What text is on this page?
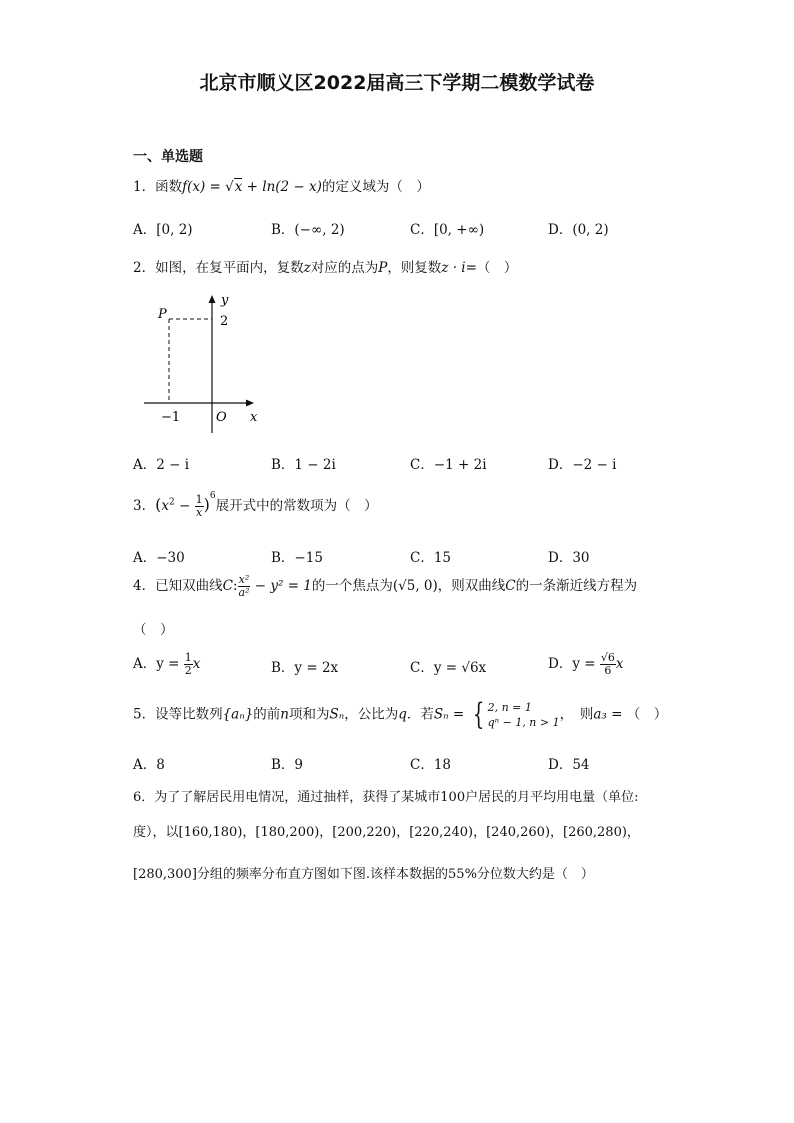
北京市顺义区2022届高三下学期二模数学试卷
一、单选题
1．函数f(x) = √x + ln(2 − x)的定义域为（　）
A．[0, 2)	B．(−∞, 2)	C．[0, +∞)	D．(0, 2)
2．如图，在复平面内，复数z对应的点为P，则复数z · i=（　）
P
y
2
−1	O x
A．2 − i	B．1 − 2i	C．−1 + 2i	D．−2 − i
3．$(x^2 - \frac{1}{x} )^6$展开式中的常数项为（　）
A．−30	B．−15	C．15	D．30
4．已知双曲线C: $\frac{\text{x²}}{\text{a²}} - y^2 = 1$的一个焦点为(√5, 0)，则双曲线C的一条渐近线方程为
（　）
A．$y = \frac{1}{2}$ x	B．y = 2x	C．y = √6x	D．$y = \frac{√6}{6}$ x
5．设等比数列{aₙ}的前n项和为Sₙ，公比为q．若Sₙ = { 2, n = 1
qⁿ − 1, n > 1 ，　则a₃ = （　）
A．8	B．9	C．18	D．54
6．为了了解居民用电情况，通过抽样，获得了某城市100户居民的月平均用电量（单位:
度），以[160,180)，[180,200)，[200,220)，[220,240)，[240,260)，[260,280)，
[280,300]分组的频率分布直方图如下图.该样本数据的55%分位数大约是（　）
